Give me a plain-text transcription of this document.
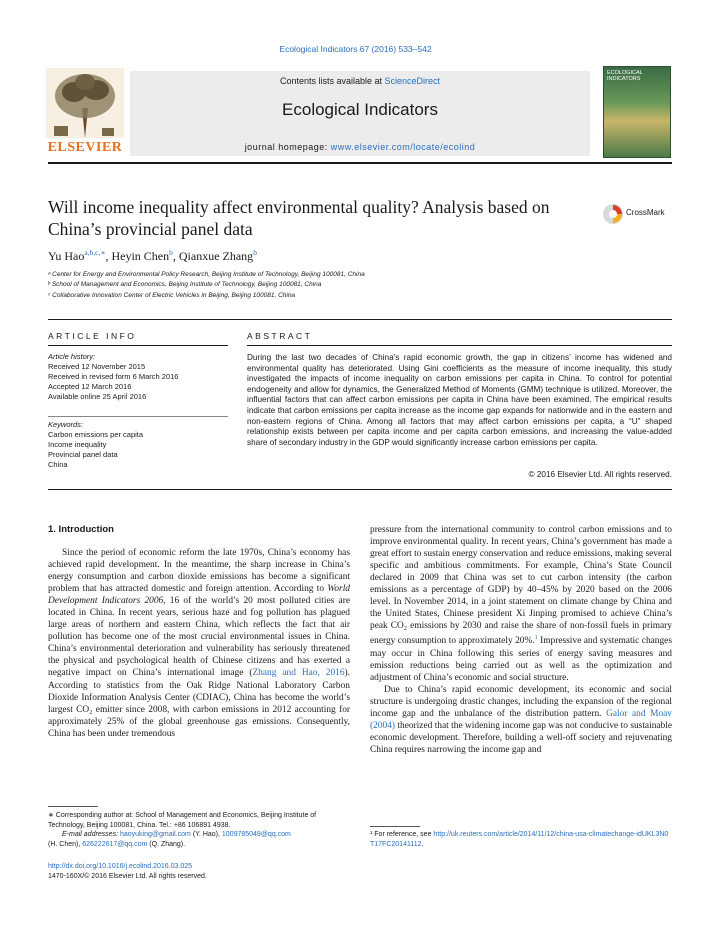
Ecological Indicators 67 (2016) 533–542
ELSEVIER
Contents lists available at ScienceDirect
Ecological Indicators
journal homepage: www.elsevier.com/locate/ecolind
ECOLOGICAL INDICATORS
Will income inequality affect environmental quality? Analysis based on China’s provincial panel data
CrossMark
Yu Hao$^{a,b,c,∗}$, Heyin Chen$^b$, Qianxue Zhang$^b$
ᵃ Center for Energy and Environmental Policy Research, Beijing Institute of Technology, Beijing 100081, China
ᵇ School of Management and Economics, Beijing Institute of Technology, Beijing 100081, China
ᶜ Collaborative Innovation Center of Electric Vehicles in Beijing, Beijing 100081, China
ARTICLE INFO	ABSTRACT
Article history:
Received 12 November 2015
Received in revised form 6 March 2016
Accepted 12 March 2016
Available online 25 April 2016
Keywords:
Carbon emissions per capita
Income inequality
Provincial panel data
China
During the last two decades of China’s rapid economic growth, the gap in citizens’ income has widened and environmental quality has deteriorated. Using Gini coefficients as the measure of income inequality, this study investigated the impacts of income inequality on carbon emissions per capita in China. To control for potential endogeneity and allow for dynamics, the Generalized Method of Moments (GMM) technique is utilized. Moreover, the influential factors that can affect carbon emissions per capita in China have been examined. The empirical results indicate that carbon emissions per capita increase as the income gap expands for nationwide and in the eastern and non-eastern regions of China. Among all factors that may affect carbon emissions per capita, a “U” shaped relationship exists between per capita income and per capita carbon emissions, and increasing the value-added share of secondary industry in the GDP would significantly increase carbon emissions per capita.
© 2016 Elsevier Ltd. All rights reserved.
1. Introduction

Since the period of economic reform the late 1970s, China’s economy has achieved rapid development. In the meantime, the sharp increase in China’s energy consumption and carbon dioxide emissions has become a significant problem that has attracted domestic and foreign attention. According to World Development Indicators 2006, 16 of the world’s 20 most polluted cities are located in China. In recent years, serious haze and fog pollution has plagued large areas of northern and eastern China, which reflects the fact that air pollution has become one of the most crucial environmental issues in China. China’s environmental deterioration and vulnerability has seriously threatened the physical and psychological health of Chinese citizens and has exerted a negative impact on China’s international image (Zhang and Hao, 2016). According to statistics from the Oak Ridge National Laboratory Carbon Dioxide Information Analysis Center (CDIAC), China has become the world’s largest CO₂ emitter since 2008, with carbon emissions in 2012 accounting for approximately 25% of the global greenhouse gas emissions. Consequently, China has been under tremendous

pressure from the international community to control carbon emissions and to improve environmental quality. In recent years, China’s government has made a great effort to sustain energy conservation and reduce emissions, making several specific and ambitious commitments. For example, China’s State Council declared in 2009 that China was set to cut carbon intensity (the carbon emissions as a percentage of GDP) by 40–45% by 2020 based on the 2006 level. In November 2014, in a joint statement on climate change by China and the United States, Chinese president Xi Jinping promised to achieve China’s peak CO₂ emissions by 2030 and raise the share of non-fossil fuels in primary energy consumption to approximately 20%.$^1$ Impressive and systematic changes may occur in China following this series of energy saving measures and emission reductions being carried out as well as the optimization and adjustment of China’s economic and social structure.

Due to China’s rapid economic development, its economic and social structure is undergoing drastic changes, including the expansion of the regional income gap and the unbalance of the distribution pattern. Galor and Moav (2004) theorized that the widening income gap was not conducive to sustainable economic development. Therefore, building a well-off society and rejuvenating China requires narrowing the income gap and

∗ Corresponding author at: School of Management and Economics, Beijing Institute of Technology, Beijing 100081, China. Tel.: +86 106891 4938.
E-mail addresses: haoyuking@gmail.com (Y. Hao), 1009785049@qq.com
(H. Chen), 626222617@qq.com (Q. Zhang).
¹ For reference, see http://uk.reuters.com/article/2014/11/12/china-usa-climatechange-idUKL3N0T17FC20141112.
http://dx.doi.org/10.1016/j.ecolind.2016.03.025
1470-160X/© 2016 Elsevier Ltd. All rights reserved.
